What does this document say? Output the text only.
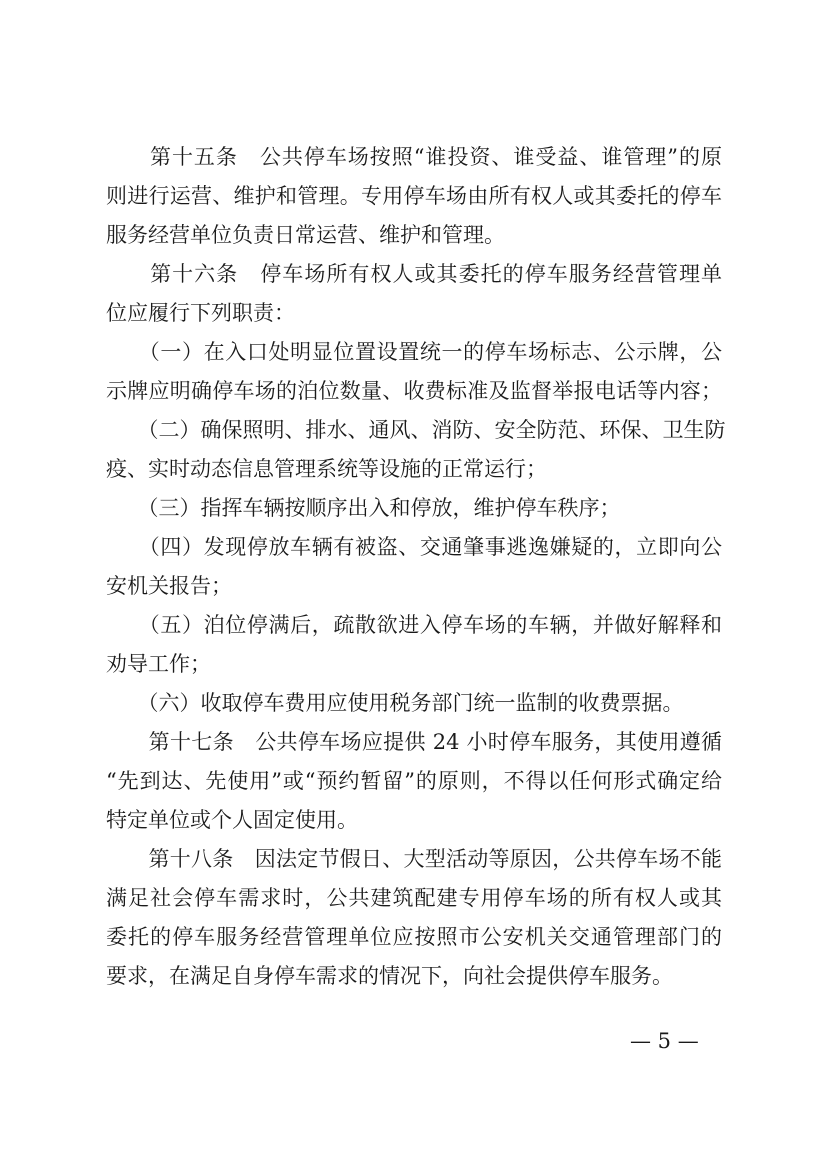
　　第十五条　公共停车场按照“谁投资、谁受益、谁管理”的原
则进行运营、维护和管理。专用停车场由所有权人或其委托的停车
服务经营单位负责日常运营、维护和管理。
　　第十六条　停车场所有权人或其委托的停车服务经营管理单
位应履行下列职责：
　　（一）在入口处明显位置设置统一的停车场标志、公示牌，公
示牌应明确停车场的泊位数量、收费标准及监督举报电话等内容；
　　（二）确保照明、排水、通风、消防、安全防范、环保、卫生防
疫、实时动态信息管理系统等设施的正常运行；
　　（三）指挥车辆按顺序出入和停放，维护停车秩序；
　　（四）发现停放车辆有被盗、交通肇事逃逸嫌疑的，立即向公
安机关报告；
　　（五）泊位停满后，疏散欲进入停车场的车辆，并做好解释和
劝导工作；
　　（六）收取停车费用应使用税务部门统一监制的收费票据。
　　第十七条　公共停车场应提供 24 小时停车服务，其使用遵循
“先到达、先使用”或“预约暂留”的原则，不得以任何形式确定给
特定单位或个人固定使用。
　　第十八条　因法定节假日、大型活动等原因，公共停车场不能
满足社会停车需求时，公共建筑配建专用停车场的所有权人或其
委托的停车服务经营管理单位应按照市公安机关交通管理部门的
要求，在满足自身停车需求的情况下，向社会提供停车服务。
— 5 —
